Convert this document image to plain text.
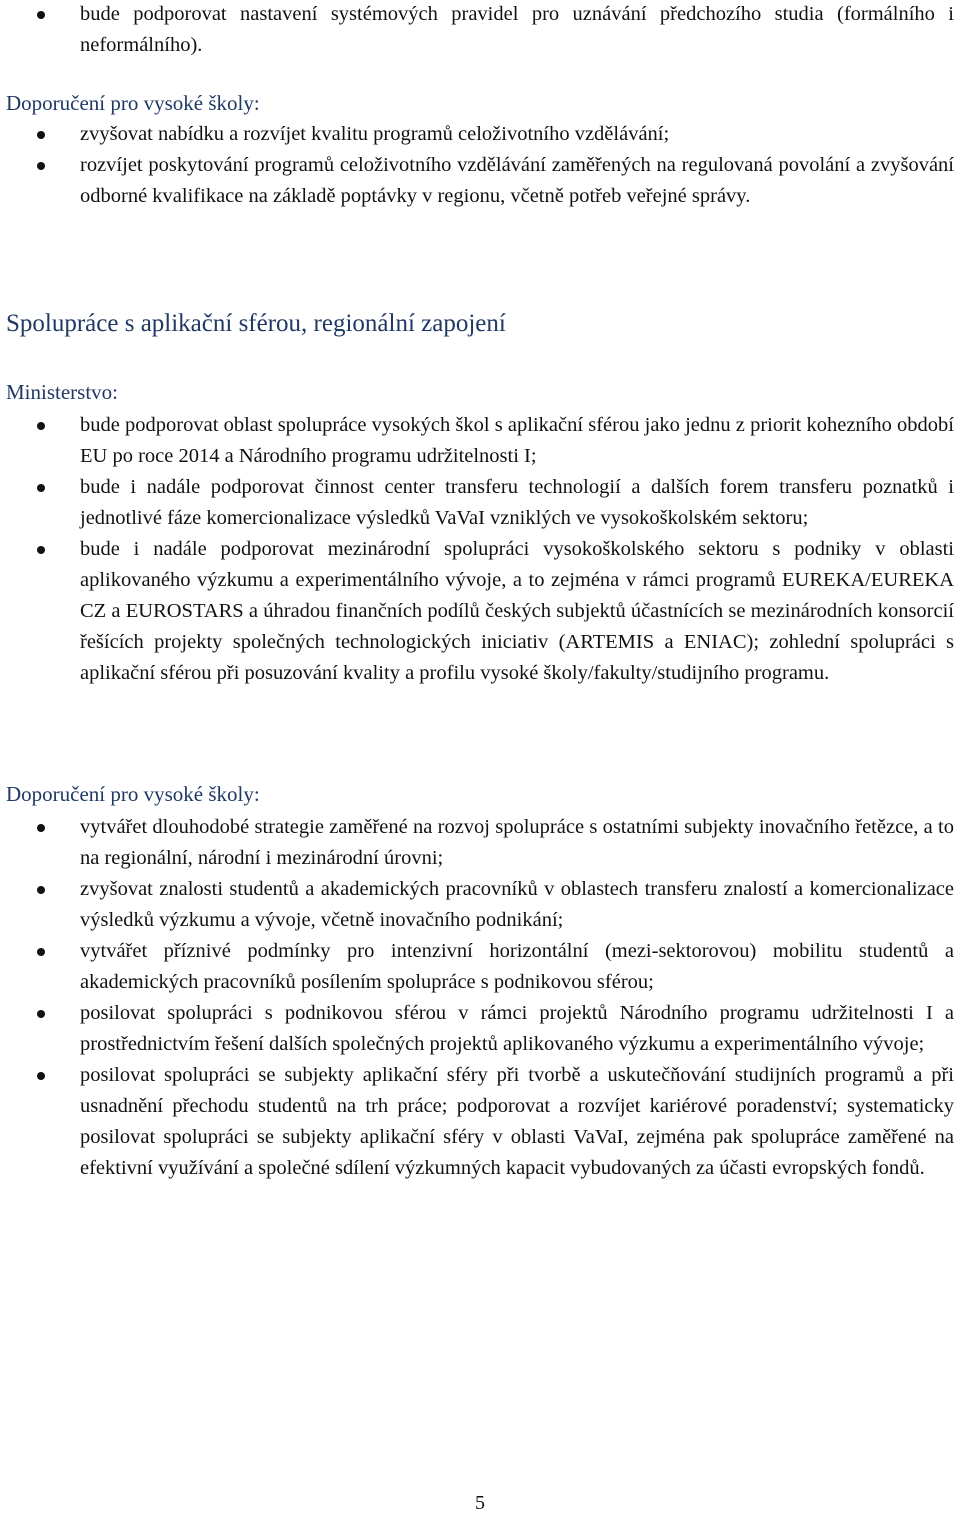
bude podporovat nastavení systémových pravidel pro uznávání předchozího studia (formálního i neformálního).
Doporučení pro vysoké školy:
zvyšovat nabídku a rozvíjet kvalitu programů celoživotního vzdělávání;
rozvíjet poskytování programů celoživotního vzdělávání zaměřených na regulovaná povolání a zvyšování odborné kvalifikace na základě poptávky v regionu, včetně potřeb veřejné správy.
Spolupráce s aplikační sférou, regionální zapojení
Ministerstvo:
bude podporovat oblast spolupráce vysokých škol s aplikační sférou jako jednu z priorit kohezního období EU po roce 2014 a Národního programu udržitelnosti I;
bude i nadále podporovat činnost center transferu technologií a dalších forem transferu poznatků i jednotlivé fáze komercionalizace výsledků VaVaI vzniklých ve vysokoškolském sektoru;
bude i nadále podporovat mezinárodní spolupráci vysokoškolského sektoru s podniky v oblasti aplikovaného výzkumu a experimentálního vývoje, a to zejména v rámci programů EUREKA/EUREKA CZ a EUROSTARS a úhradou finančních podílů českých subjektů účastnících se mezinárodních konsorcií řešících projekty společných technologických iniciativ (ARTEMIS a ENIAC); zohlední spolupráci s aplikační sférou při posuzování kvality a profilu vysoké školy/fakulty/studijního programu.
Doporučení pro vysoké školy:
vytvářet dlouhodobé strategie zaměřené na rozvoj spolupráce s ostatními subjekty inovačního řetězce, a to na regionální, národní i mezinárodní úrovni;
zvyšovat znalosti studentů a akademických pracovníků v oblastech transferu znalostí a komercionalizace výsledků výzkumu a vývoje, včetně inovačního podnikání;
vytvářet příznivé podmínky pro intenzivní horizontální (mezi-sektorovou) mobilitu studentů a akademických pracovníků posílením spolupráce s podnikovou sférou;
posilovat spolupráci s podnikovou sférou v rámci projektů Národního programu udržitelnosti I a prostřednictvím řešení dalších společných projektů aplikovaného výzkumu a experimentálního vývoje;
posilovat spolupráci se subjekty aplikační sféry při tvorbě a uskutečňování studijních programů a při usnadnění přechodu studentů na trh práce; podporovat a rozvíjet kariérové poradenství; systematicky posilovat spolupráci se subjekty aplikační sféry v oblasti VaVaI, zejména pak spolupráce zaměřené na efektivní využívání a společné sdílení výzkumných kapacit vybudovaných za účasti evropských fondů.
5
